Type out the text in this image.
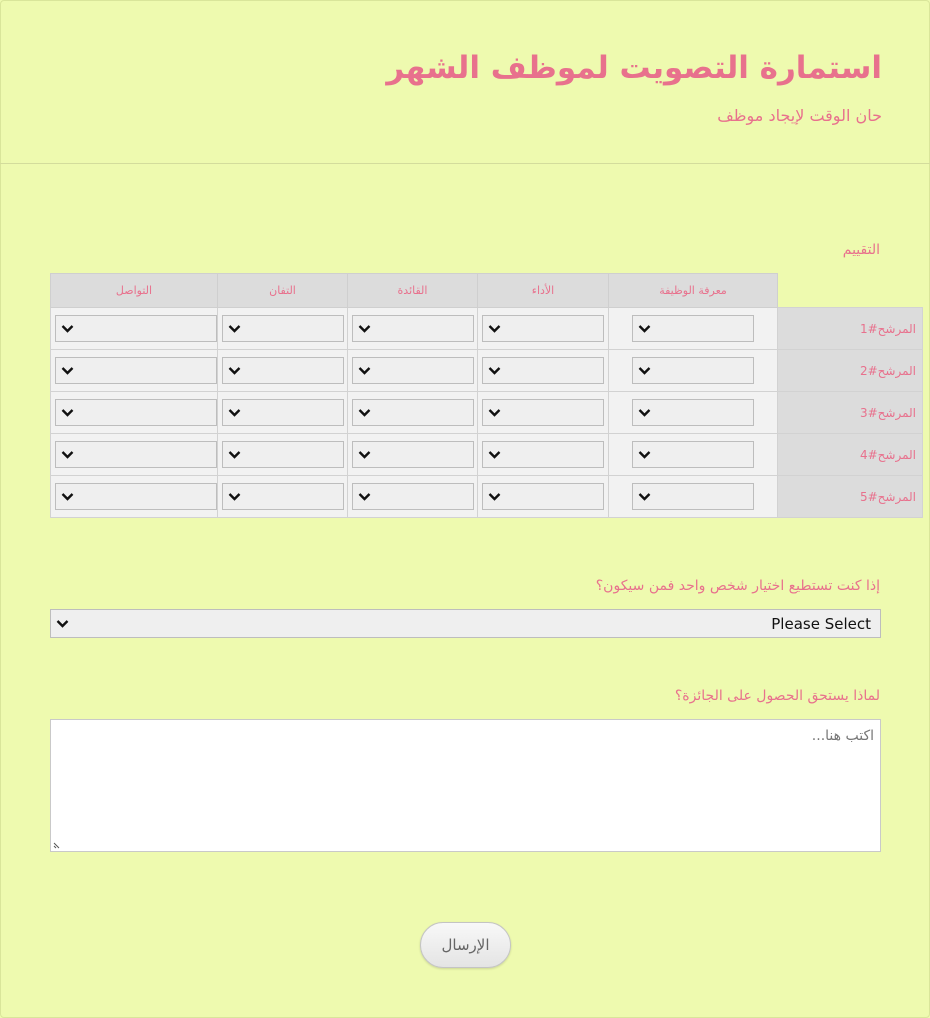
استمارة التصويت لموظف الشهر
حان الوقت لإيجاد موظف
التقييم
التواصل	التفان	القائدة	الأداء	معرفة الوظيفة	

	المرشح#1

	المرشح#2

	المرشح#3

	المرشح#4

	المرشح#5
إذا كنت تستطيع اختيار شخص واحد فمن سيكون؟
Please Select
لماذا يستحق الحصول على الجائزة؟
اكتب هنا...
الإرسال
